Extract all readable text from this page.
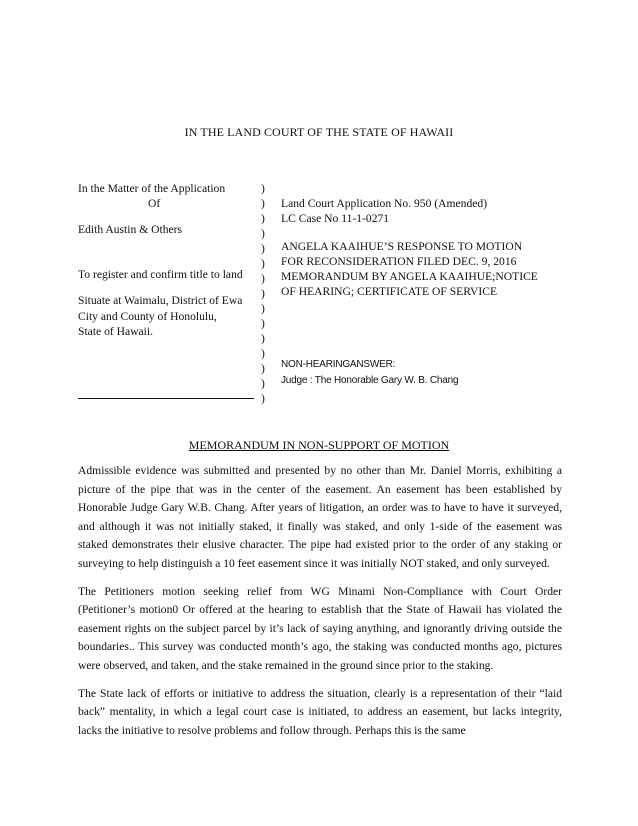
IN THE LAND COURT OF THE STATE OF HAWAII
In the Matter of the Application
Of
Edith Austin & Others
To register and confirm title to land
Situate at Waimalu, District of Ewa
City and County of Honolulu,
State of Hawaii.
)
)
)
)
)
)
)
)
)
)
)
)
)
)
)
Land Court Application No. 950 (Amended)
LC Case No 11-1-0271
ANGELA KAAIHUE’S RESPONSE TO MOTION
FOR RECONSIDERATION FILED DEC. 9, 2016
MEMORANDUM BY ANGELA KAAIHUE;NOTICE
OF HEARING; CERTIFICATE OF SERVICE
NON-HEARINGANSWER:
Judge : The Honorable Gary W. B. Chang
MEMORANDUM IN NON-SUPPORT OF MOTION

Admissible evidence was submitted and presented by no other than Mr. Daniel Morris, exhibiting a picture of the pipe that was in the center of the easement. An easement has been established by Honorable Judge Gary W.B. Chang. After years of litigation, an order was to have to have it surveyed, and although it was not initially staked, it finally was staked, and only 1-side of the easement was staked demonstrates their elusive character. The pipe had existed prior to the order of any staking or surveying to help distinguish a 10 feet easement since it was initially NOT staked, and only surveyed.

The Petitioners motion seeking relief from WG Minami Non-Compliance with Court Order (Petitioner’s motion0 Or offered at the hearing to establish that the State of Hawaii has violated the easement rights on the subject parcel by it’s lack of saying anything, and ignorantly driving outside the boundaries.. This survey was conducted month’s ago, the staking was conducted months ago, pictures were observed, and taken, and the stake remained in the ground since prior to the staking.

The State lack of efforts or initiative to address the situation, clearly is a representation of their “laid back” mentality, in which a legal court case is initiated, to address an easement, but lacks integrity, lacks the initiative to resolve problems and follow through. Perhaps this is the same
